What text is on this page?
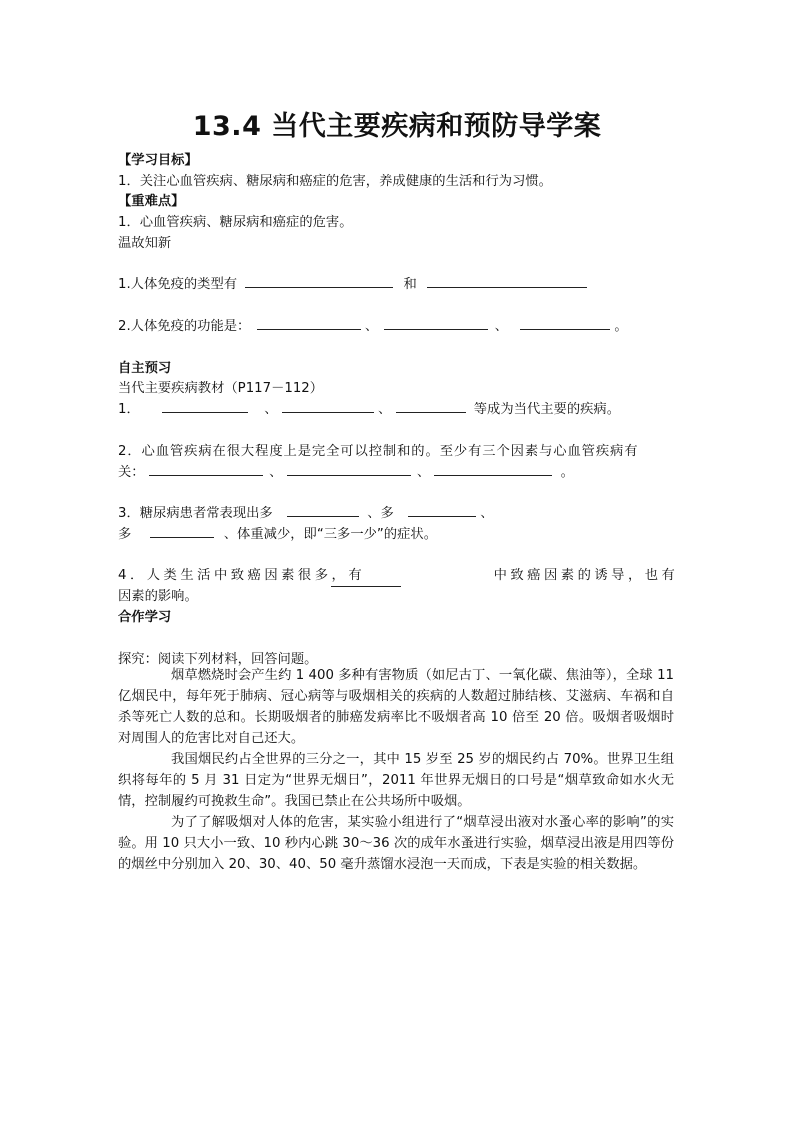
13.4 当代主要疾病和预防导学案
【学习目标】
1．关注心血管疾病、糖尿病和癌症的危害，养成健康的生活和行为习惯。
【重难点】
1．心血管疾病、糖尿病和癌症的危害。
温故知新
1.人体免疫的类型有	和
2.人体免疫的功能是：	、	、	。
自主预习
当代主要疾病教材（P117－112）
1．	、	、	等成为当代主要的疾病。
2．心血管疾病在很大程度上是完全可以控制和的。至少有三个因素与心血管疾病有
关：	、	、	。
3．糖尿病患者常表现出多	、多	、
多	、体重减少，即“三多一少”的症状。
4．人类生活中致癌因素很多，有	中致癌因素的诱导，也有
因素的影响。
合作学习
探究：阅读下列材料，回答问题。
烟草燃烧时会产生约 1 400 多种有害物质（如尼古丁、一氧化碳、焦油等），全球 11 亿烟民中，每年死于肺病、冠心病等与吸烟相关的疾病的人数超过肺结核、艾滋病、车祸和自杀等死亡人数的总和。长期吸烟者的肺癌发病率比不吸烟者高 10 倍至 20 倍。吸烟者吸烟时对周围人的危害比对自己还大。
我国烟民约占全世界的三分之一，其中 15 岁至 25 岁的烟民约占 70%。世界卫生组织将每年的 5 月 31 日定为“世界无烟日”，2011 年世界无烟日的口号是“烟草致命如水火无情，控制履约可挽救生命”。我国已禁止在公共场所中吸烟。
为了了解吸烟对人体的危害，某实验小组进行了“烟草浸出液对水蚤心率的影响”的实验。用 10 只大小一致、10 秒内心跳 30～36 次的成年水蚤进行实验，烟草浸出液是用四等份的烟丝中分别加入 20、30、40、50 毫升蒸馏水浸泡一天而成，下表是实验的相关数据。
